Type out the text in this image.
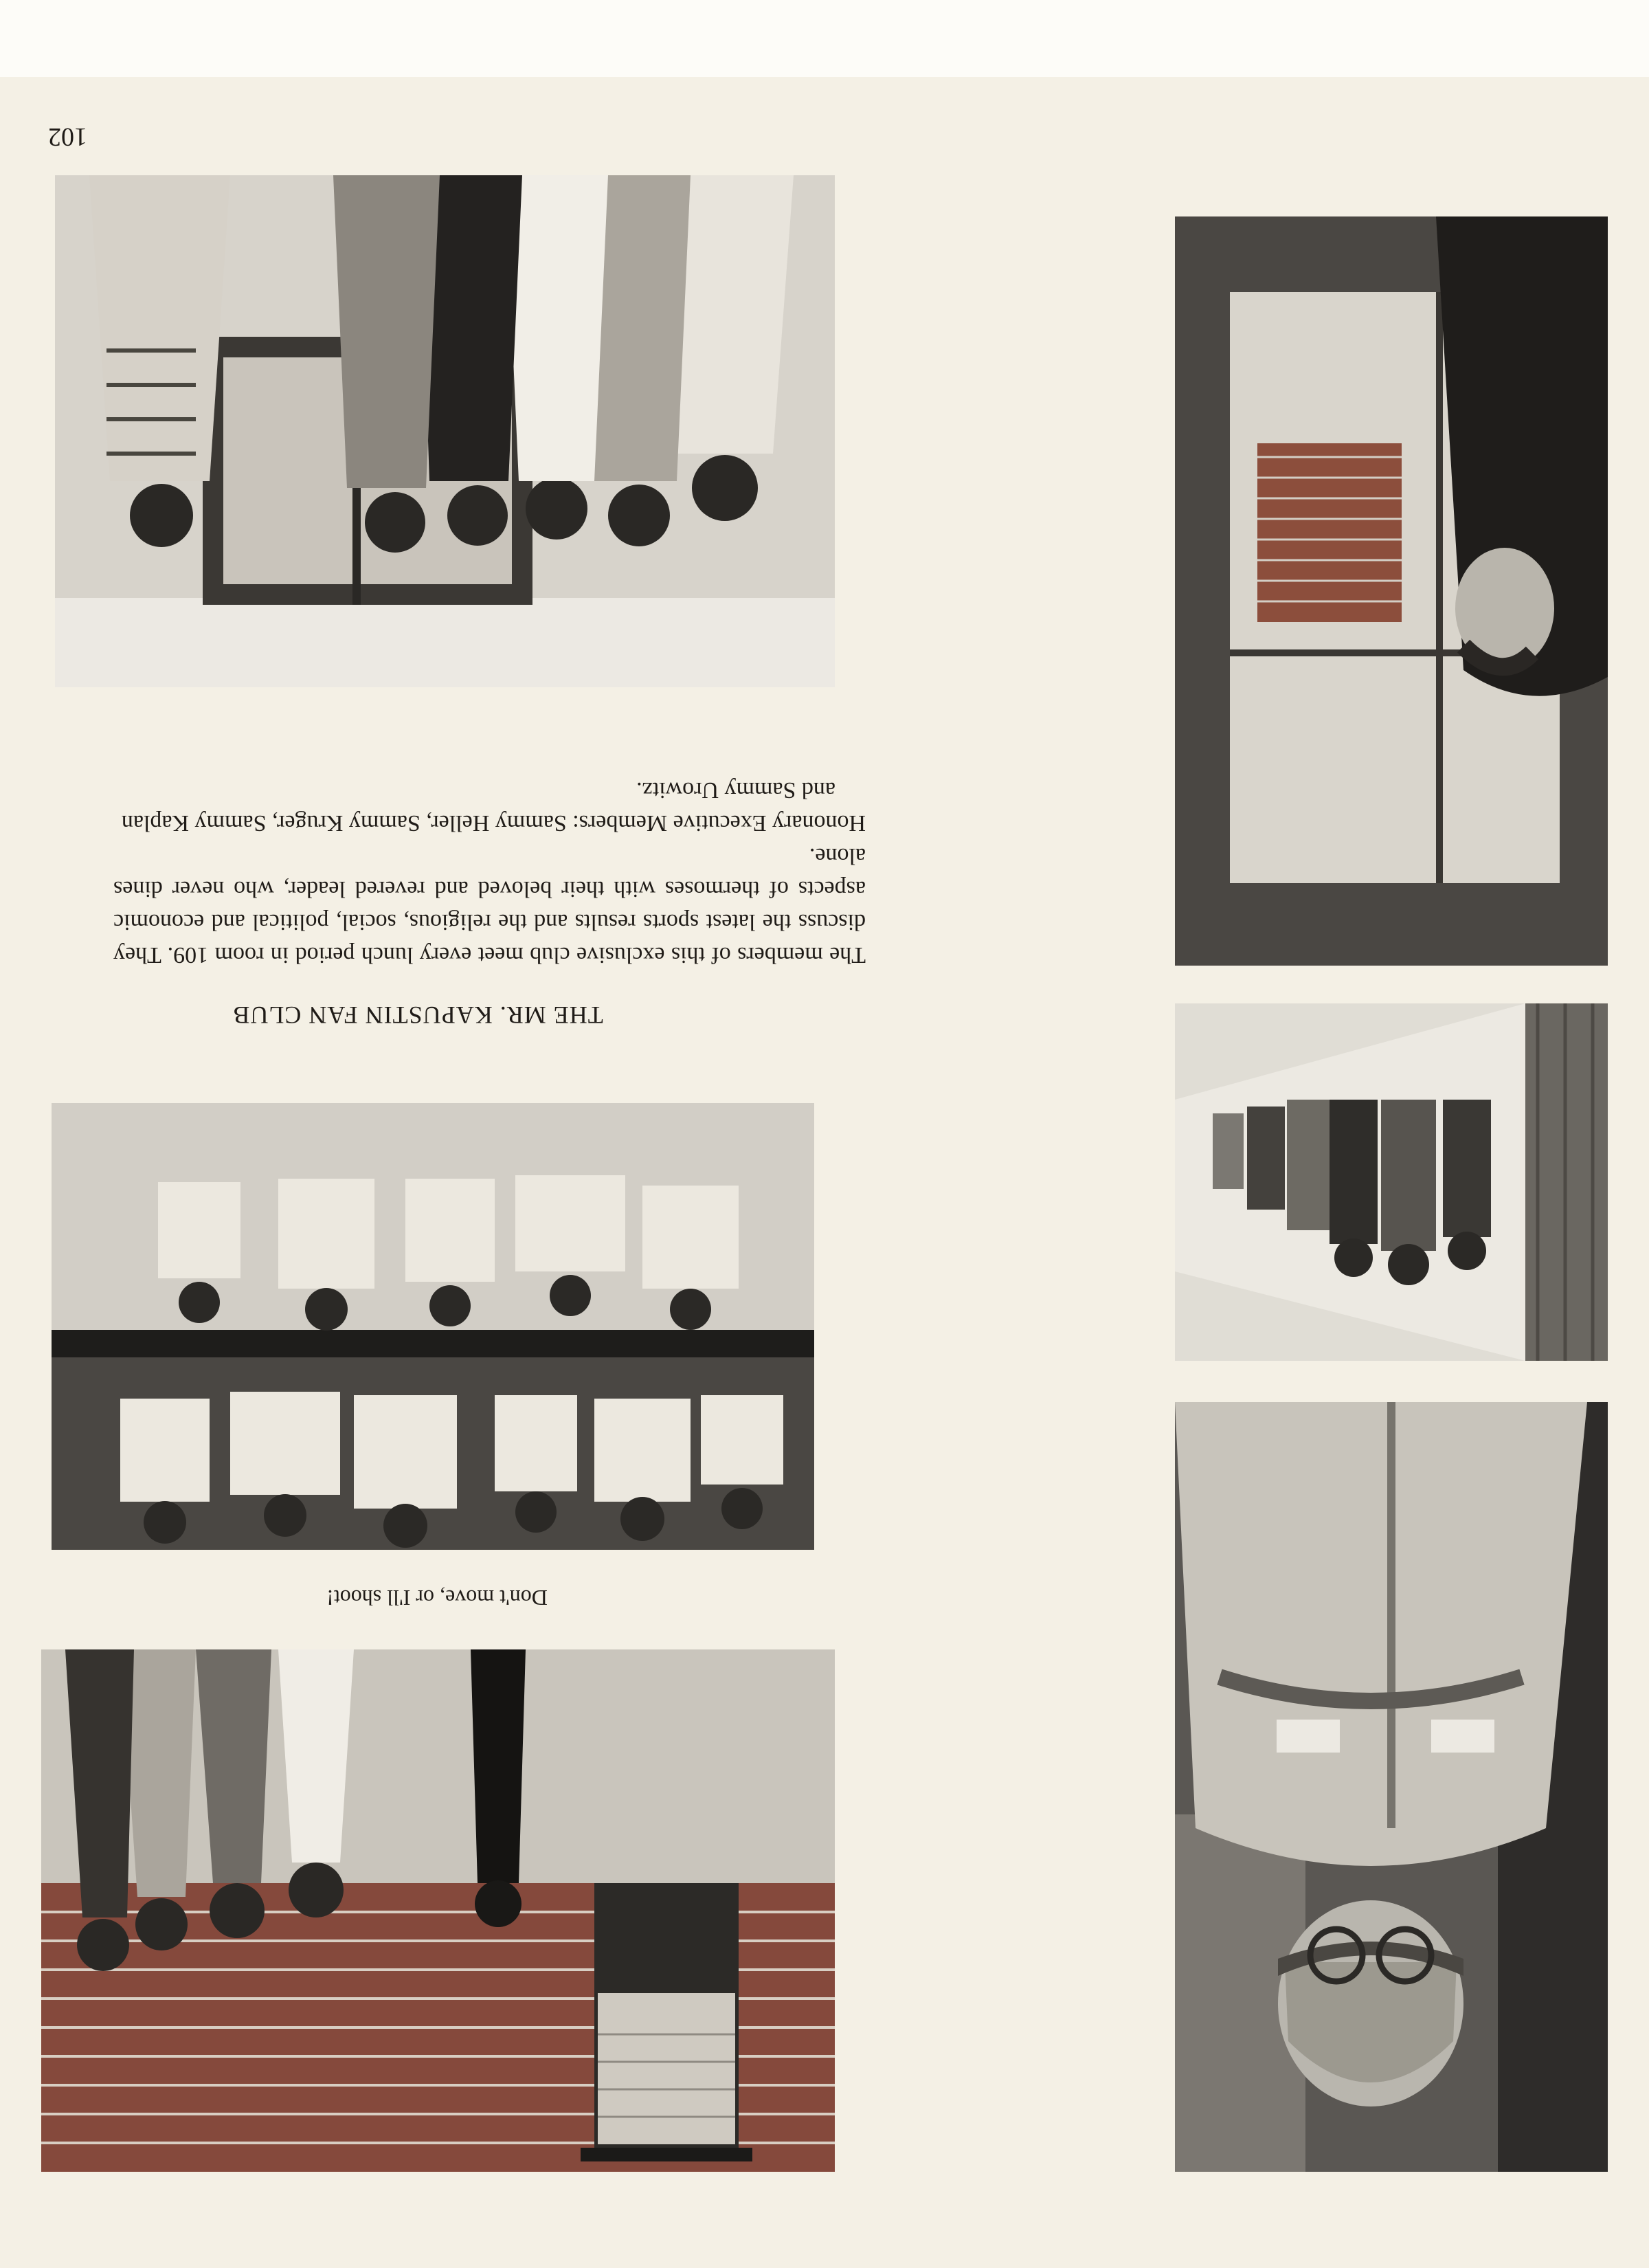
102
Don't move, or I'll shoot!
THE MR. KAPUSTIN FAN CLUB

The members of this exclusive club meet every lunch period in room 109. They discuss the latest sports results and the religious, social, political and economic aspects of thermoses with their beloved and revered leader, who never dines alone.

Hononary Executive Members: Sammy Heller, Sammy Kruger, Sammy Kaplan and Sammy Urowitz.
